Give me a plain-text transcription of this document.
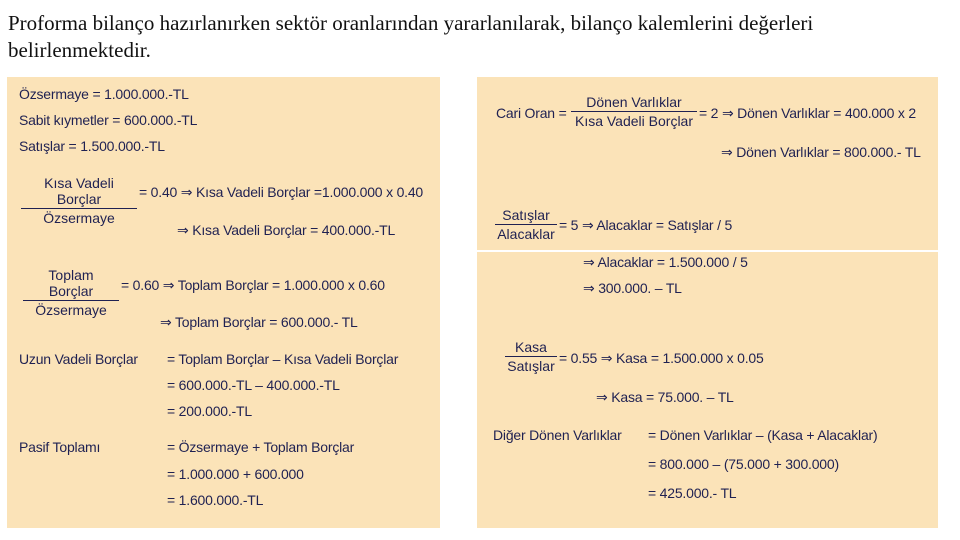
Proforma bilanço hazırlanırken sektör oranlarından yararlanılarak, bilanço kalemlerini değerleri belirlenmektedir.
Özsermaye = 1.000.000.-TL
Sabit kıymetler = 600.000.-TL
Satışlar = 1.500.000.-TL
Kısa Vadeli Borçlar
Özsermaye
= 0.40 ⇒ Kısa Vadeli Borçlar =1.000.000 x 0.40
⇒ Kısa Vadeli Borçlar = 400.000.-TL
Toplam Borçlar
Özsermaye
= 0.60 ⇒ Toplam Borçlar = 1.000.000 x 0.60
⇒ Toplam Borçlar = 600.000.- TL
Uzun Vadeli Borçlar = Toplam Borçlar – Kısa Vadeli Borçlar
= 600.000.-TL – 400.000.-TL
= 200.000.-TL
Pasif Toplamı	= Özsermaye + Toplam Borçlar
= 1.000.000 + 600.000
= 1.600.000.-TL
Cari Oran =
Dönen Varlıklar
Kısa Vadeli Borçlar = 2 ⇒ Dönen Varlıklar = 400.000 x 2
⇒ Dönen Varlıklar = 800.000.- TL
Satışlar
Alacaklar
= 5 ⇒ Alacaklar = Satışlar / 5
⇒ Alacaklar = 1.500.000 / 5
⇒ 300.000. – TL
Kasa
Satışlar = 0.55 ⇒ Kasa = 1.500.000 x 0.05
⇒ Kasa = 75.000. – TL
Diğer Dönen Varlıklar = Dönen Varlıklar – (Kasa + Alacaklar)
= 800.000 – (75.000 + 300.000)
= 425.000.- TL
